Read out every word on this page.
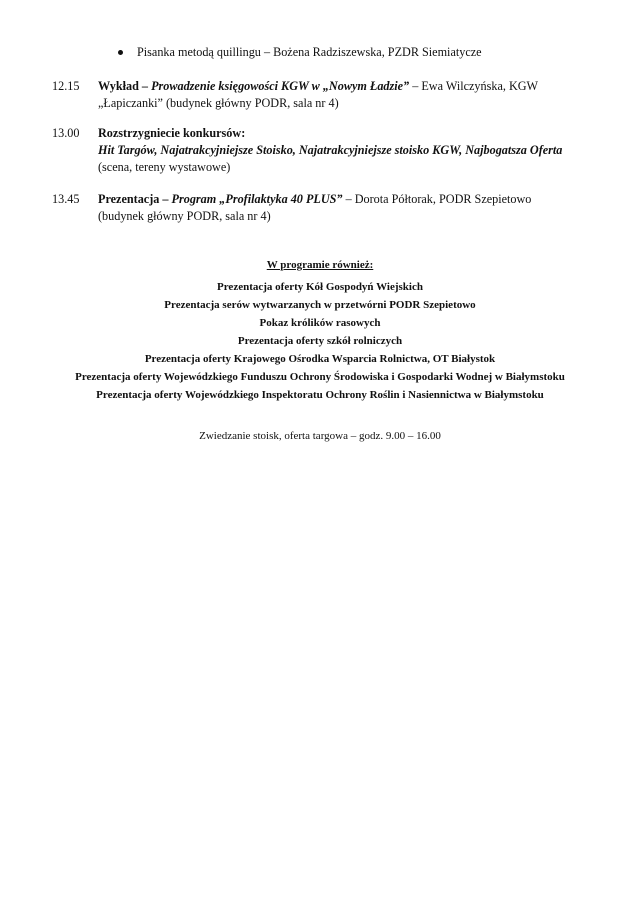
Pisanka metodą quillingu – Bożena Radziszewska, PZDR Siemiatycze
12.15 Wykład – Prowadzenie księgowości KGW w „Nowym Ładzie” – Ewa Wilczyńska, KGW
„Łapiczanki” (budynek główny PODR, sala nr 4)
13.00 Rozstrzygniecie konkursów:
Hit Targów, Najatrakcyjniejsze Stoisko, Najatrakcyjniejsze stoisko KGW, Najbogatsza Oferta
(scena, tereny wystawowe)
13.45 Prezentacja – Program „Profilaktyka 40 PLUS” – Dorota Półtorak, PODR Szepietowo
(budynek główny PODR, sala nr 4)
W programie również:
Prezentacja oferty Kół Gospodyń Wiejskich
Prezentacja serów wytwarzanych w przetwórni PODR Szepietowo
Pokaz królików rasowych
Prezentacja oferty szkół rolniczych
Prezentacja oferty Krajowego Ośrodka Wsparcia Rolnictwa, OT Białystok
Prezentacja oferty Wojewódzkiego Funduszu Ochrony Środowiska i Gospodarki Wodnej w Białymstoku
Prezentacja oferty Wojewódzkiego Inspektoratu Ochrony Roślin i Nasiennictwa w Białymstoku
Zwiedzanie stoisk, oferta targowa – godz. 9.00 – 16.00
